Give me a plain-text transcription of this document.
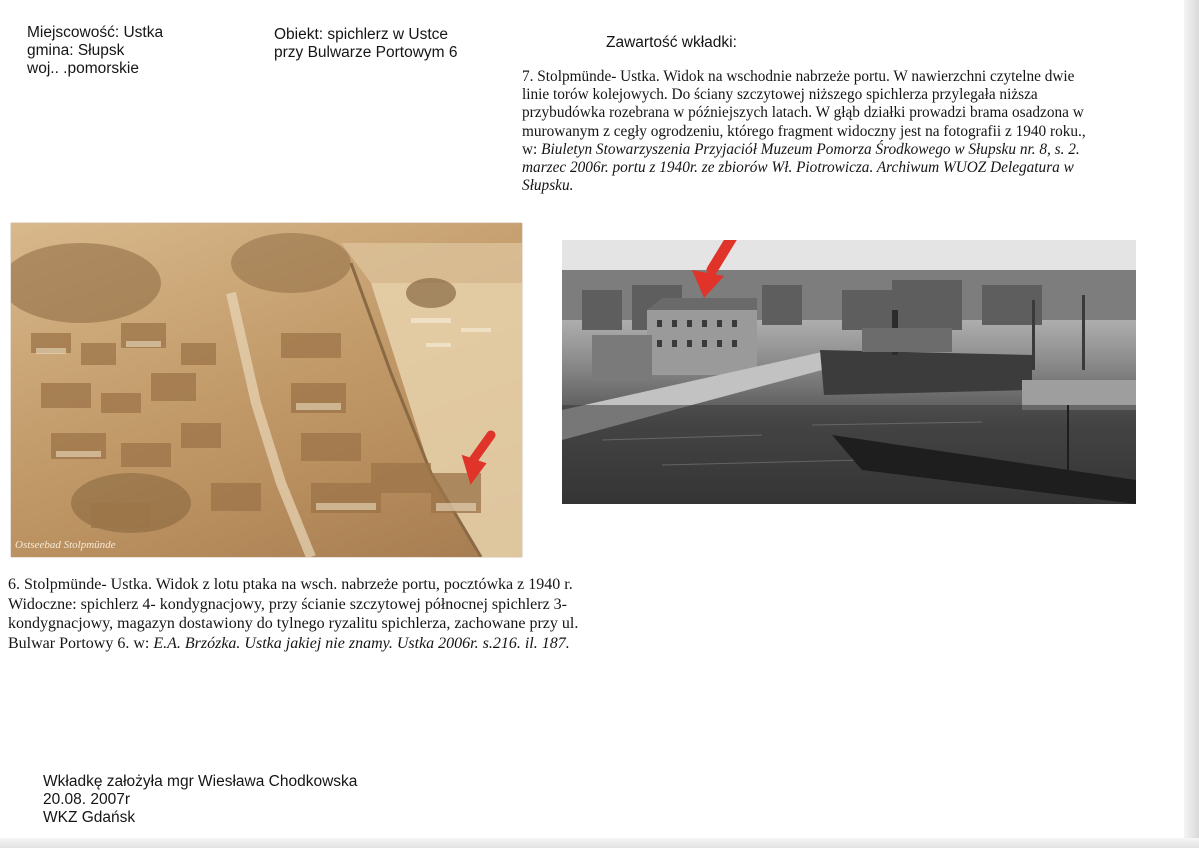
Miejscowość: Ustka
gmina: Słupsk
woj.. .pomorskie
Obiekt: spichlerz w Ustce
przy Bulwarze Portowym 6
Zawartość wkładki:
7. Stolpmünde- Ustka. Widok na wschodnie nabrzeże portu. W nawierzchni czytelne dwie
linie torów kolejowych. Do ściany szczytowej niższego spichlerza przylegała niższa
przybudówka rozebrana w późniejszych latach. W głąb działki prowadzi brama osadzona w
murowanym z cegły ogrodzeniu, którego fragment widoczny jest na fotografii z 1940 roku.,
w: Biuletyn Stowarzyszenia Przyjaciół Muzeum Pomorza Środkowego w Słupsku nr. 8, s. 2.
marzec 2006r. portu z 1940r. ze zbiorów Wł. Piotrowicza. Archiwum WUOZ Delegatura w
Słupsku.
Ostseebad Stolpmünde
6. Stolpmünde- Ustka. Widok z lotu ptaka na wsch. nabrzeże portu, pocztówka z 1940 r.
Widoczne: spichlerz 4- kondygnacjowy, przy ścianie szczytowej północnej spichlerz 3-
kondygnacjowy, magazyn dostawiony do tylnego ryzalitu spichlerza, zachowane przy ul.
Bulwar Portowy 6. w: E.A. Brzózka. Ustka jakiej nie znamy. Ustka 2006r. s.216. il. 187.
Wkładkę założyła mgr Wiesława Chodkowska
20.08. 2007r
WKZ Gdańsk
